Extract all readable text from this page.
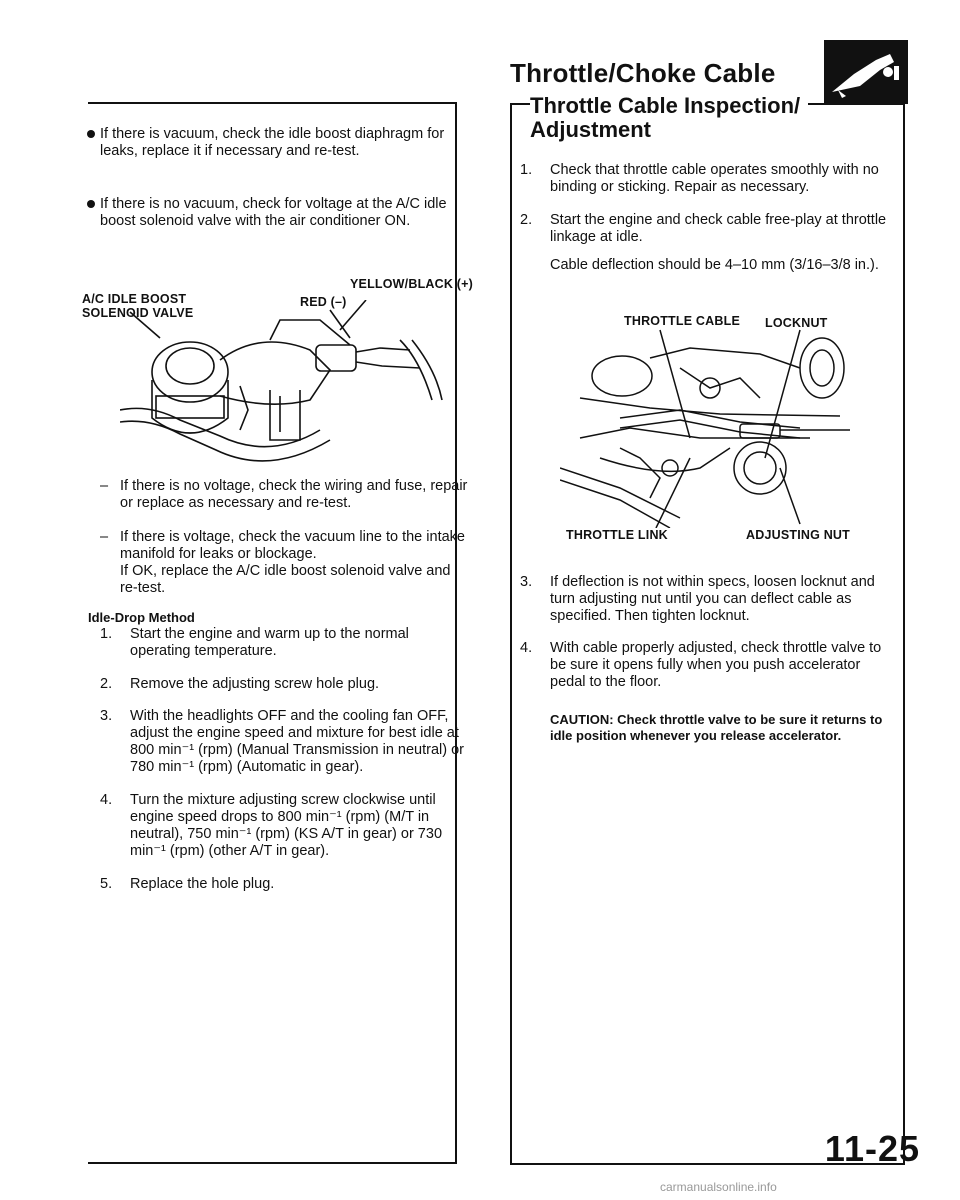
Throttle/Choke Cable
If there is vacuum, check the idle boost diaphragm for leaks, replace it if necessary and re-test.
If there is no vacuum, check for voltage at the A/C idle boost solenoid valve with the air conditioner ON.
A/C IDLE BOOST
SOLENOID VALVE
YELLOW/BLACK (+)
RED (–)
– If there is no voltage, check the wiring and fuse, repair or replace as necessary and re-test.
– If there is voltage, check the vacuum line to the intake manifold for leaks or blockage.
If OK, replace the A/C idle boost solenoid valve and re-test.
Idle-Drop Method
1. Start the engine and warm up to the normal operating temperature.
2. Remove the adjusting screw hole plug.
3. With the headlights OFF and the cooling fan OFF, adjust the engine speed and mixture for best idle at 800 min⁻¹ (rpm) (Manual Transmission in neutral) or 780 min⁻¹ (rpm) (Automatic in gear).
4. Turn the mixture adjusting screw clockwise until engine speed drops to 800 min⁻¹ (rpm) (M/T in neutral), 750 min⁻¹ (rpm) (KS A/T in gear) or 730 min⁻¹ (rpm) (other A/T in gear).
5. Replace the hole plug.
Throttle Cable Inspection/
Adjustment
1. Check that throttle cable operates smoothly with no binding or sticking. Repair as necessary.
2. Start the engine and check cable free-play at throttle linkage at idle.
Cable deflection should be 4–10 mm (3/16–3/8 in.).
THROTTLE CABLE LOCKNUT
THROTTLE LINK	ADJUSTING NUT
3. If deflection is not within specs, loosen locknut and turn adjusting nut until you can deflect cable as specified. Then tighten locknut.
4. With cable properly adjusted, check throttle valve to be sure it opens fully when you push accelerator pedal to the floor.
CAUTION: Check throttle valve to be sure it returns to idle position whenever you release accelerator.
11-25
carmanualsonline.info
